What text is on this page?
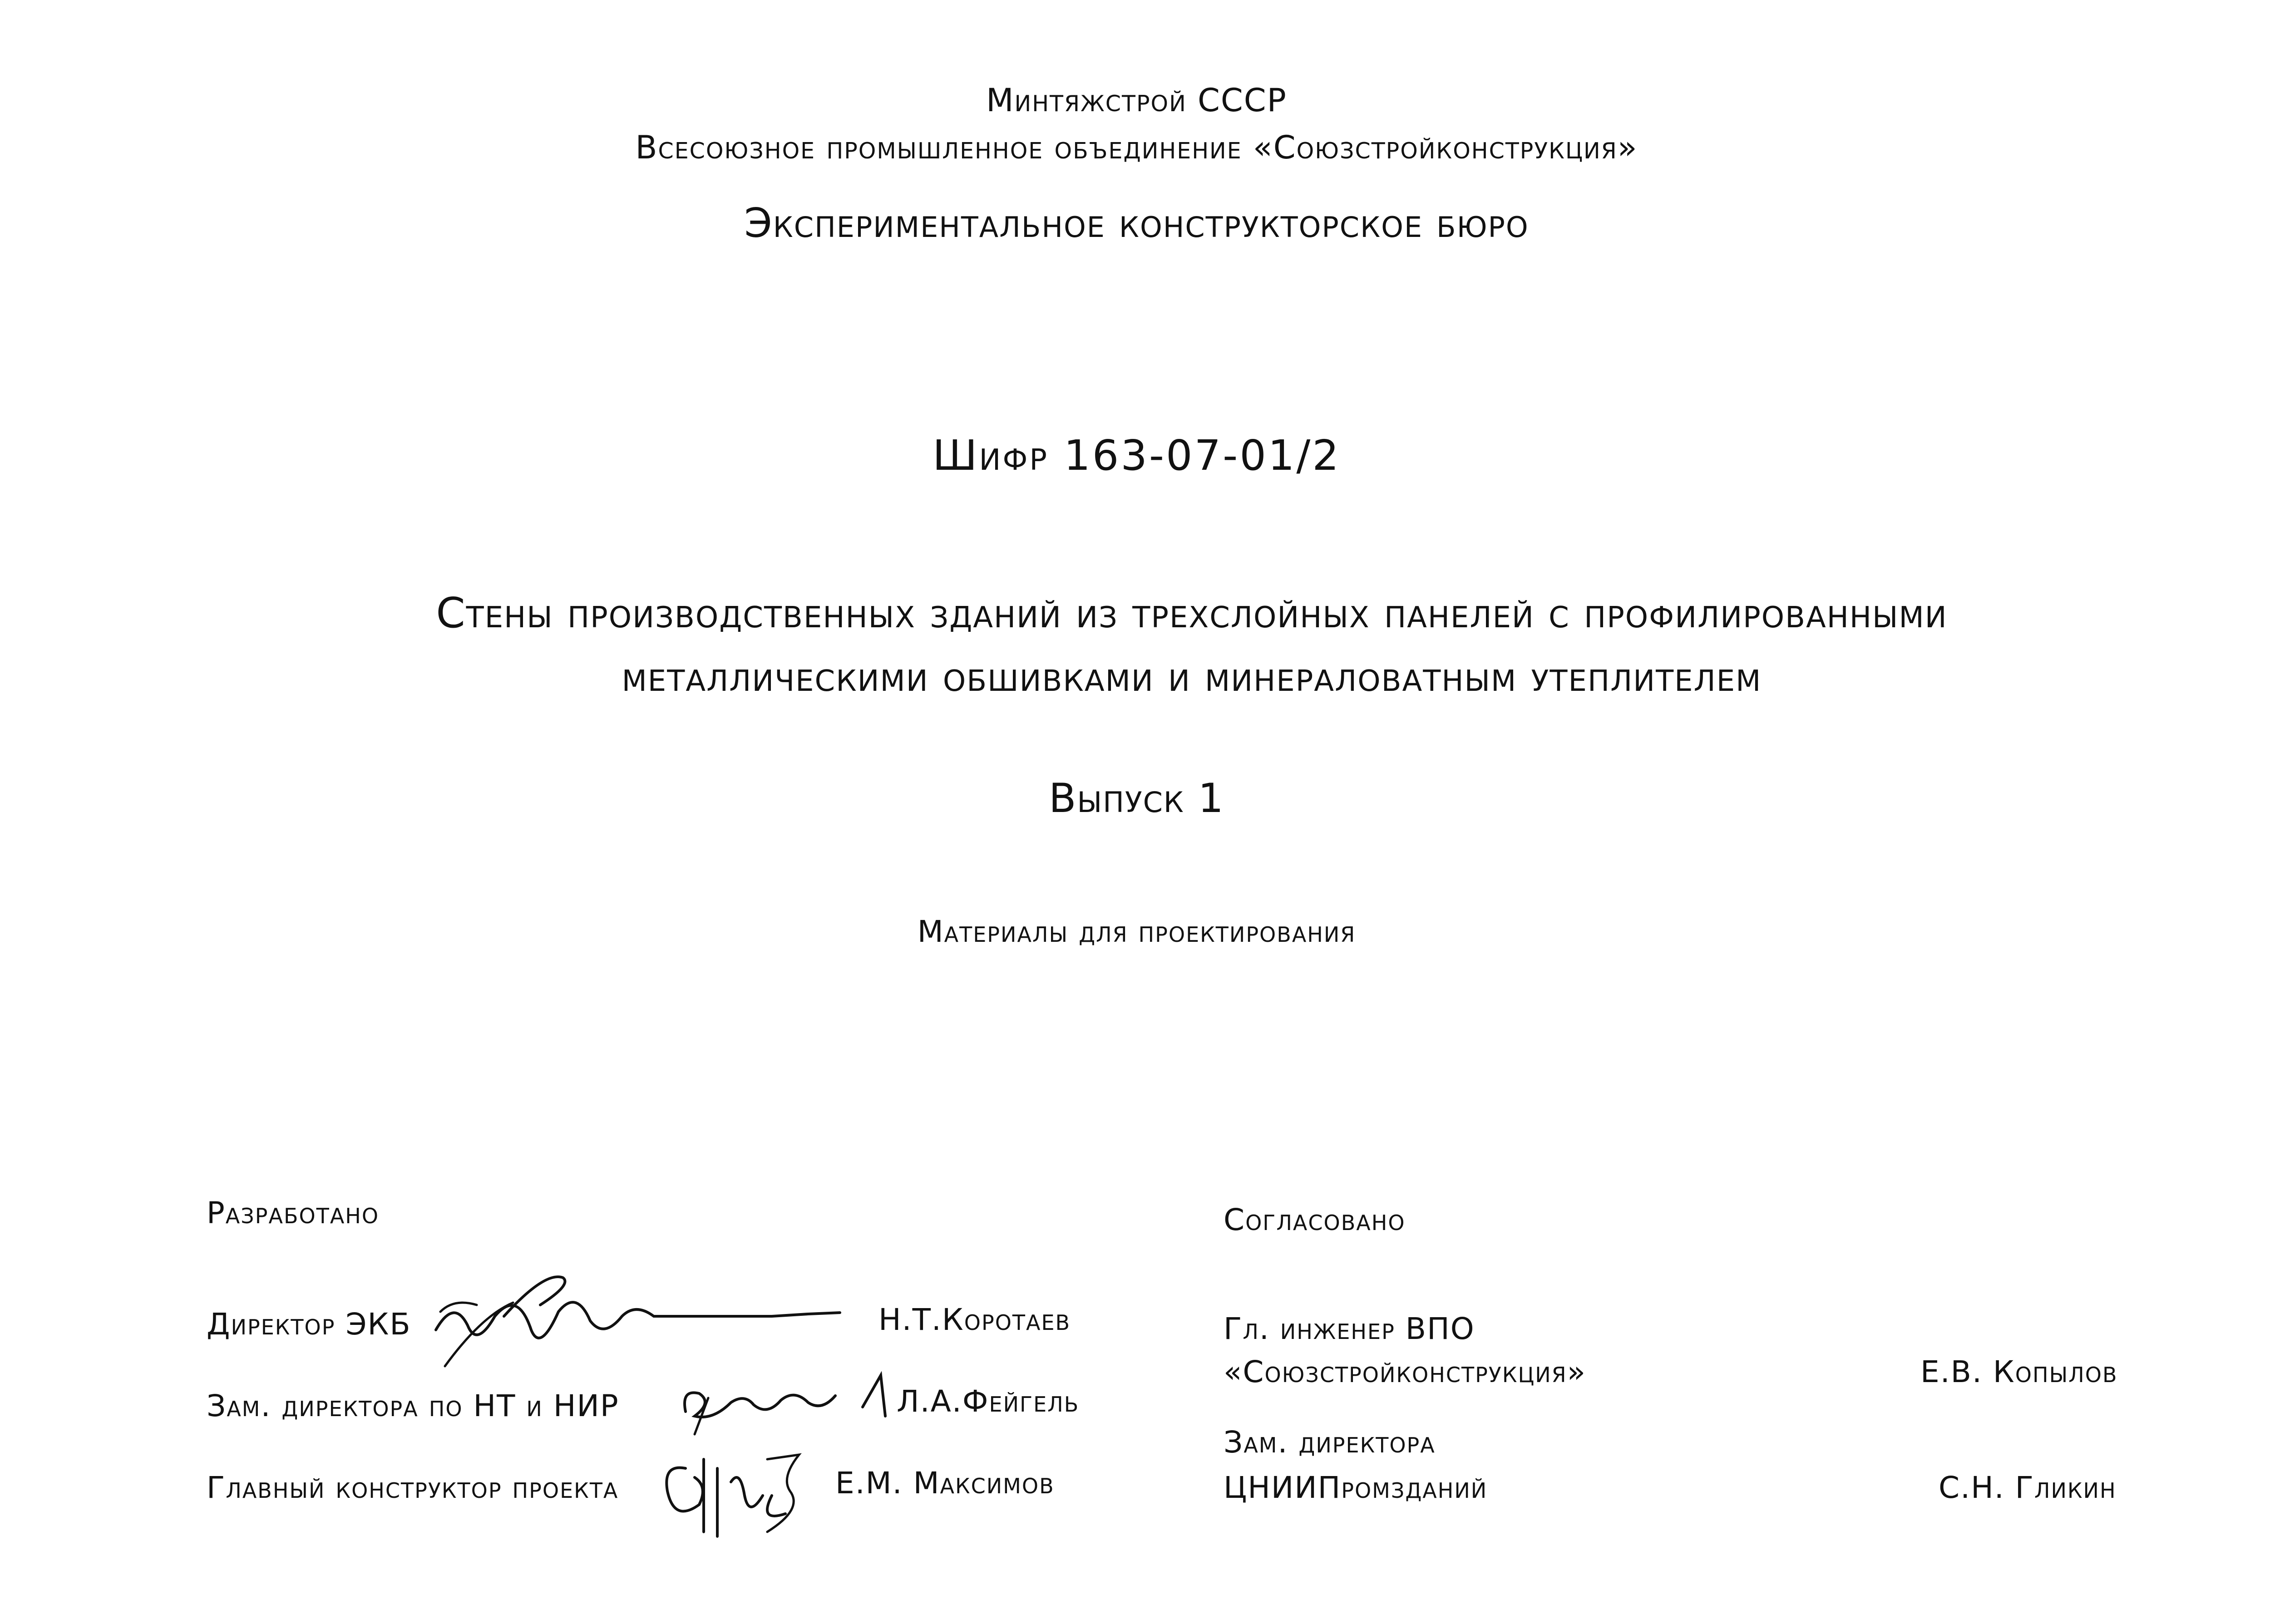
Минтяжстрой СССР
Всесоюзное промышленное объединение «Союзстройконструкция»
Экспериментальное конструкторское бюро
Шифр 163-07-01/2
Стены производственных зданий из трехслойных панелей с профилированными
металлическими обшивками и минераловатным утеплителем
Выпуск 1
Материалы для проектирования
Разработано
Директор ЭКБ	Н.Т.Коротаев
Зам. директора по НТ и НИР	Л.А.Фейгель
Главный конструктор проекта	Е.М. Максимов
Согласовано
Гл. инженер ВПО
«Союзстройконструкция»	Е.В. Копылов
Зам. директора
ЦНИИПромзданий	С.Н. Гликин
